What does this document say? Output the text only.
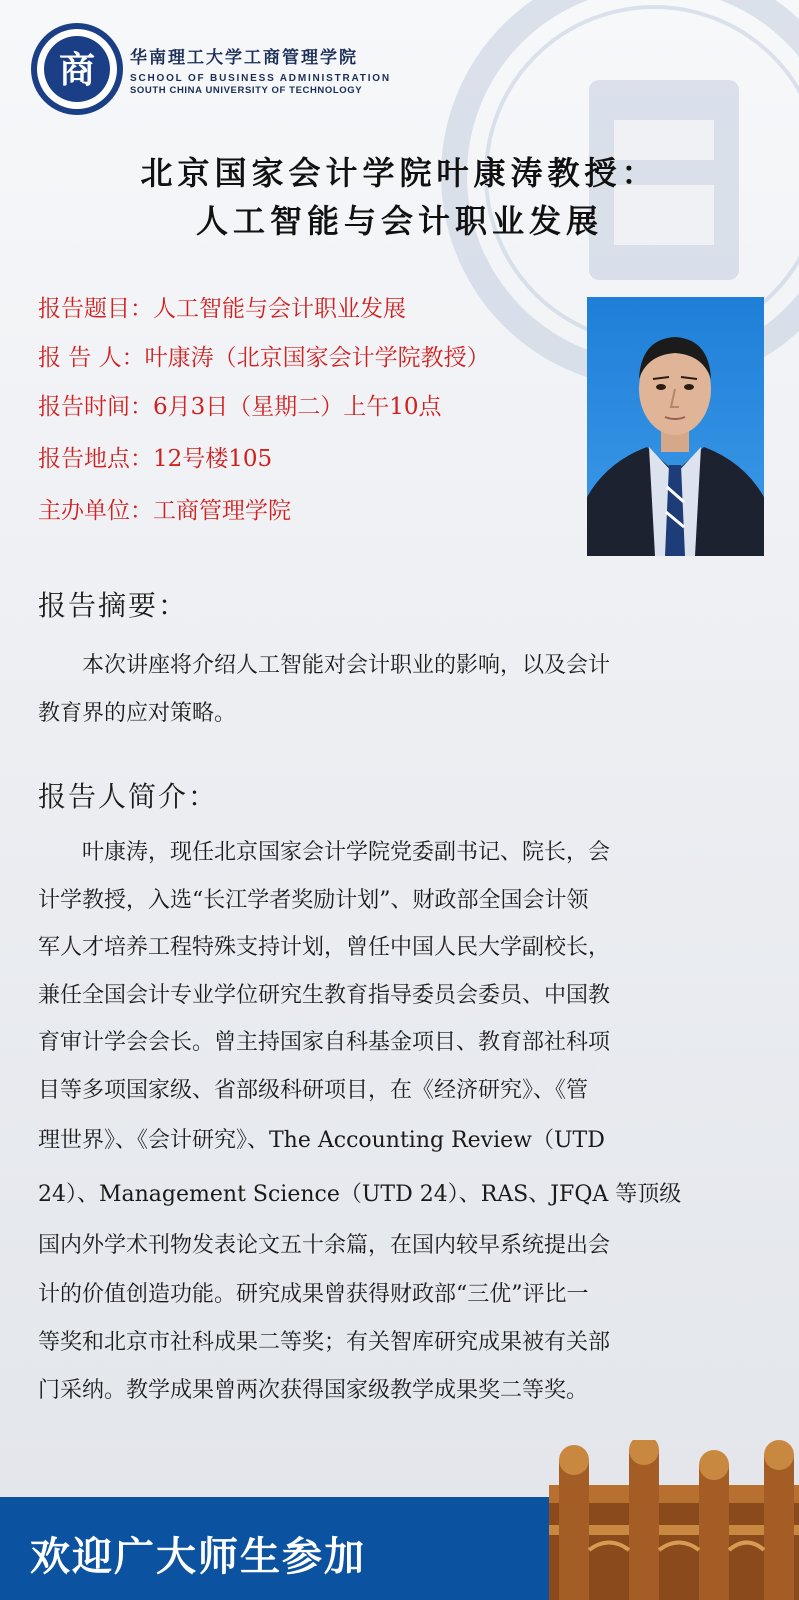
商 华南理工大学工商管理学院
SCHOOL OF BUSINESS ADMINISTRATION
SOUTH CHINA UNIVERSITY OF TECHNOLOGY
北京国家会计学院叶康涛教授：
人工智能与会计职业发展
报告题目：人工智能与会计职业发展
报 告 人：叶康涛（北京国家会计学院教授）
报告时间：6月3日（星期二）上午10点
报告地点：12号楼105
主办单位：工商管理学院
报告摘要：
　　本次讲座将介绍人工智能对会计职业的影响，以及会计
教育界的应对策略。
报告人简介：
　　叶康涛，现任北京国家会计学院党委副书记、院长，会
计学教授，入选“长江学者奖励计划”、财政部全国会计领
军人才培养工程特殊支持计划，曾任中国人民大学副校长，
兼任全国会计专业学位研究生教育指导委员会委员、中国教
育审计学会会长。曾主持国家自科基金项目、教育部社科项
目等多项国家级、省部级科研项目，在《经济研究》、《管
理世界》、《会计研究》、The Accounting Review（UTD
24）、Management Science（UTD 24）、RAS、JFQA 等顶级
国内外学术刊物发表论文五十余篇，在国内较早系统提出会
计的价值创造功能。研究成果曾获得财政部“三优”评比一
等奖和北京市社科成果二等奖；有关智库研究成果被有关部
门采纳。教学成果曾两次获得国家级教学成果奖二等奖。
欢迎广大师生参加
